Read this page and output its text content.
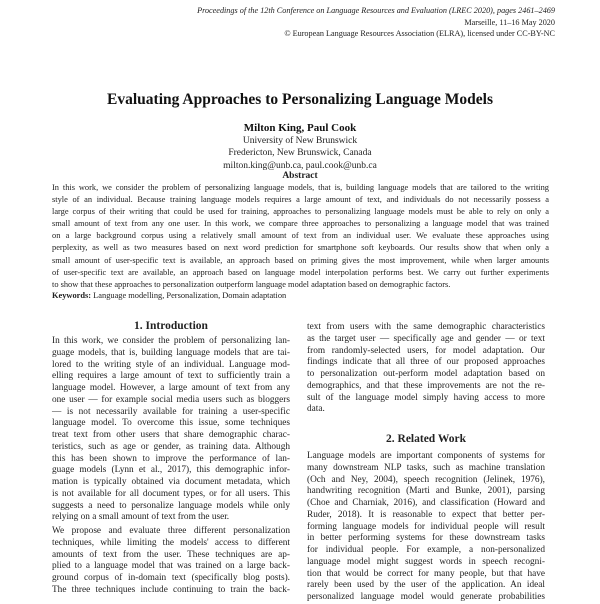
Proceedings of the 12th Conference on Language Resources and Evaluation (LREC 2020), pages 2461–2469
Marseille, 11–16 May 2020
© European Language Resources Association (ELRA), licensed under CC-BY-NC
Evaluating Approaches to Personalizing Language Models
Milton King, Paul Cook
University of New Brunswick
Fredericton, New Brunswick, Canada
milton.king@unb.ca, paul.cook@unb.ca
Abstract
In this work, we consider the problem of personalizing language models, that is, building language models that are tailored to the writing
style of an individual. Because training language models requires a large amount of text, and individuals do not necessarily possess a
large corpus of their writing that could be used for training, approaches to personalizing language models must be able to rely on only a
small amount of text from any one user. In this work, we compare three approaches to personalizing a language model that was trained
on a large background corpus using a relatively small amount of text from an individual user. We evaluate these approaches using
perplexity, as well as two measures based on next word prediction for smartphone soft keyboards. Our results show that when only a
small amount of user-specific text is available, an approach based on priming gives the most improvement, while when larger amounts
of user-specific text are available, an approach based on language model interpolation performs best. We carry out further experiments
to show that these approaches to personalization outperform language model adaptation based on demographic factors.
Keywords: Language modelling, Personalization, Domain adaptation
1. Introduction
In this work, we consider the problem of personalizing lan-
guage models, that is, building language models that are tai-
lored to the writing style of an individual. Language mod-
elling requires a large amount of text to sufficiently train a
language model. However, a large amount of text from any
one user — for example social media users such as bloggers
— is not necessarily available for training a user-specific
language model. To overcome this issue, some techniques
treat text from other users that share demographic charac-
teristics, such as age or gender, as training data. Although
this has been shown to improve the performance of lan-
guage models (Lynn et al., 2017), this demographic infor-
mation is typically obtained via document metadata, which
is not available for all document types, or for all users. This
suggests a need to personalize language models while only
relying on a small amount of text from the user.
We propose and evaluate three different personalization
techniques, while limiting the models' access to different
amounts of text from the user. These techniques are ap-
plied to a language model that was trained on a large back-
ground corpus of in-domain text (specifically blog posts).
The three techniques include continuing to train the back-
text from users with the same demographic characteristics
as the target user — specifically age and gender — or text
from randomly-selected users, for model adaptation. Our
findings indicate that all three of our proposed approaches
to personalization out-perform model adaptation based on
demographics, and that these improvements are not the re-
sult of the language model simply having access to more
data.
2. Related Work
Language models are important components of systems for
many downstream NLP tasks, such as machine translation
(Och and Ney, 2004), speech recognition (Jelinek, 1976),
handwriting recognition (Marti and Bunke, 2001), parsing
(Choe and Charniak, 2016), and classification (Howard and
Ruder, 2018). It is reasonable to expect that better per-
forming language models for individual people will result
in better performing systems for these downstream tasks
for individual people. For example, a non-personalized
language model might suggest words in speech recogni-
tion that would be correct for many people, but that have
rarely been used by the user of the application. An ideal
personalized language model would generate probabilities
